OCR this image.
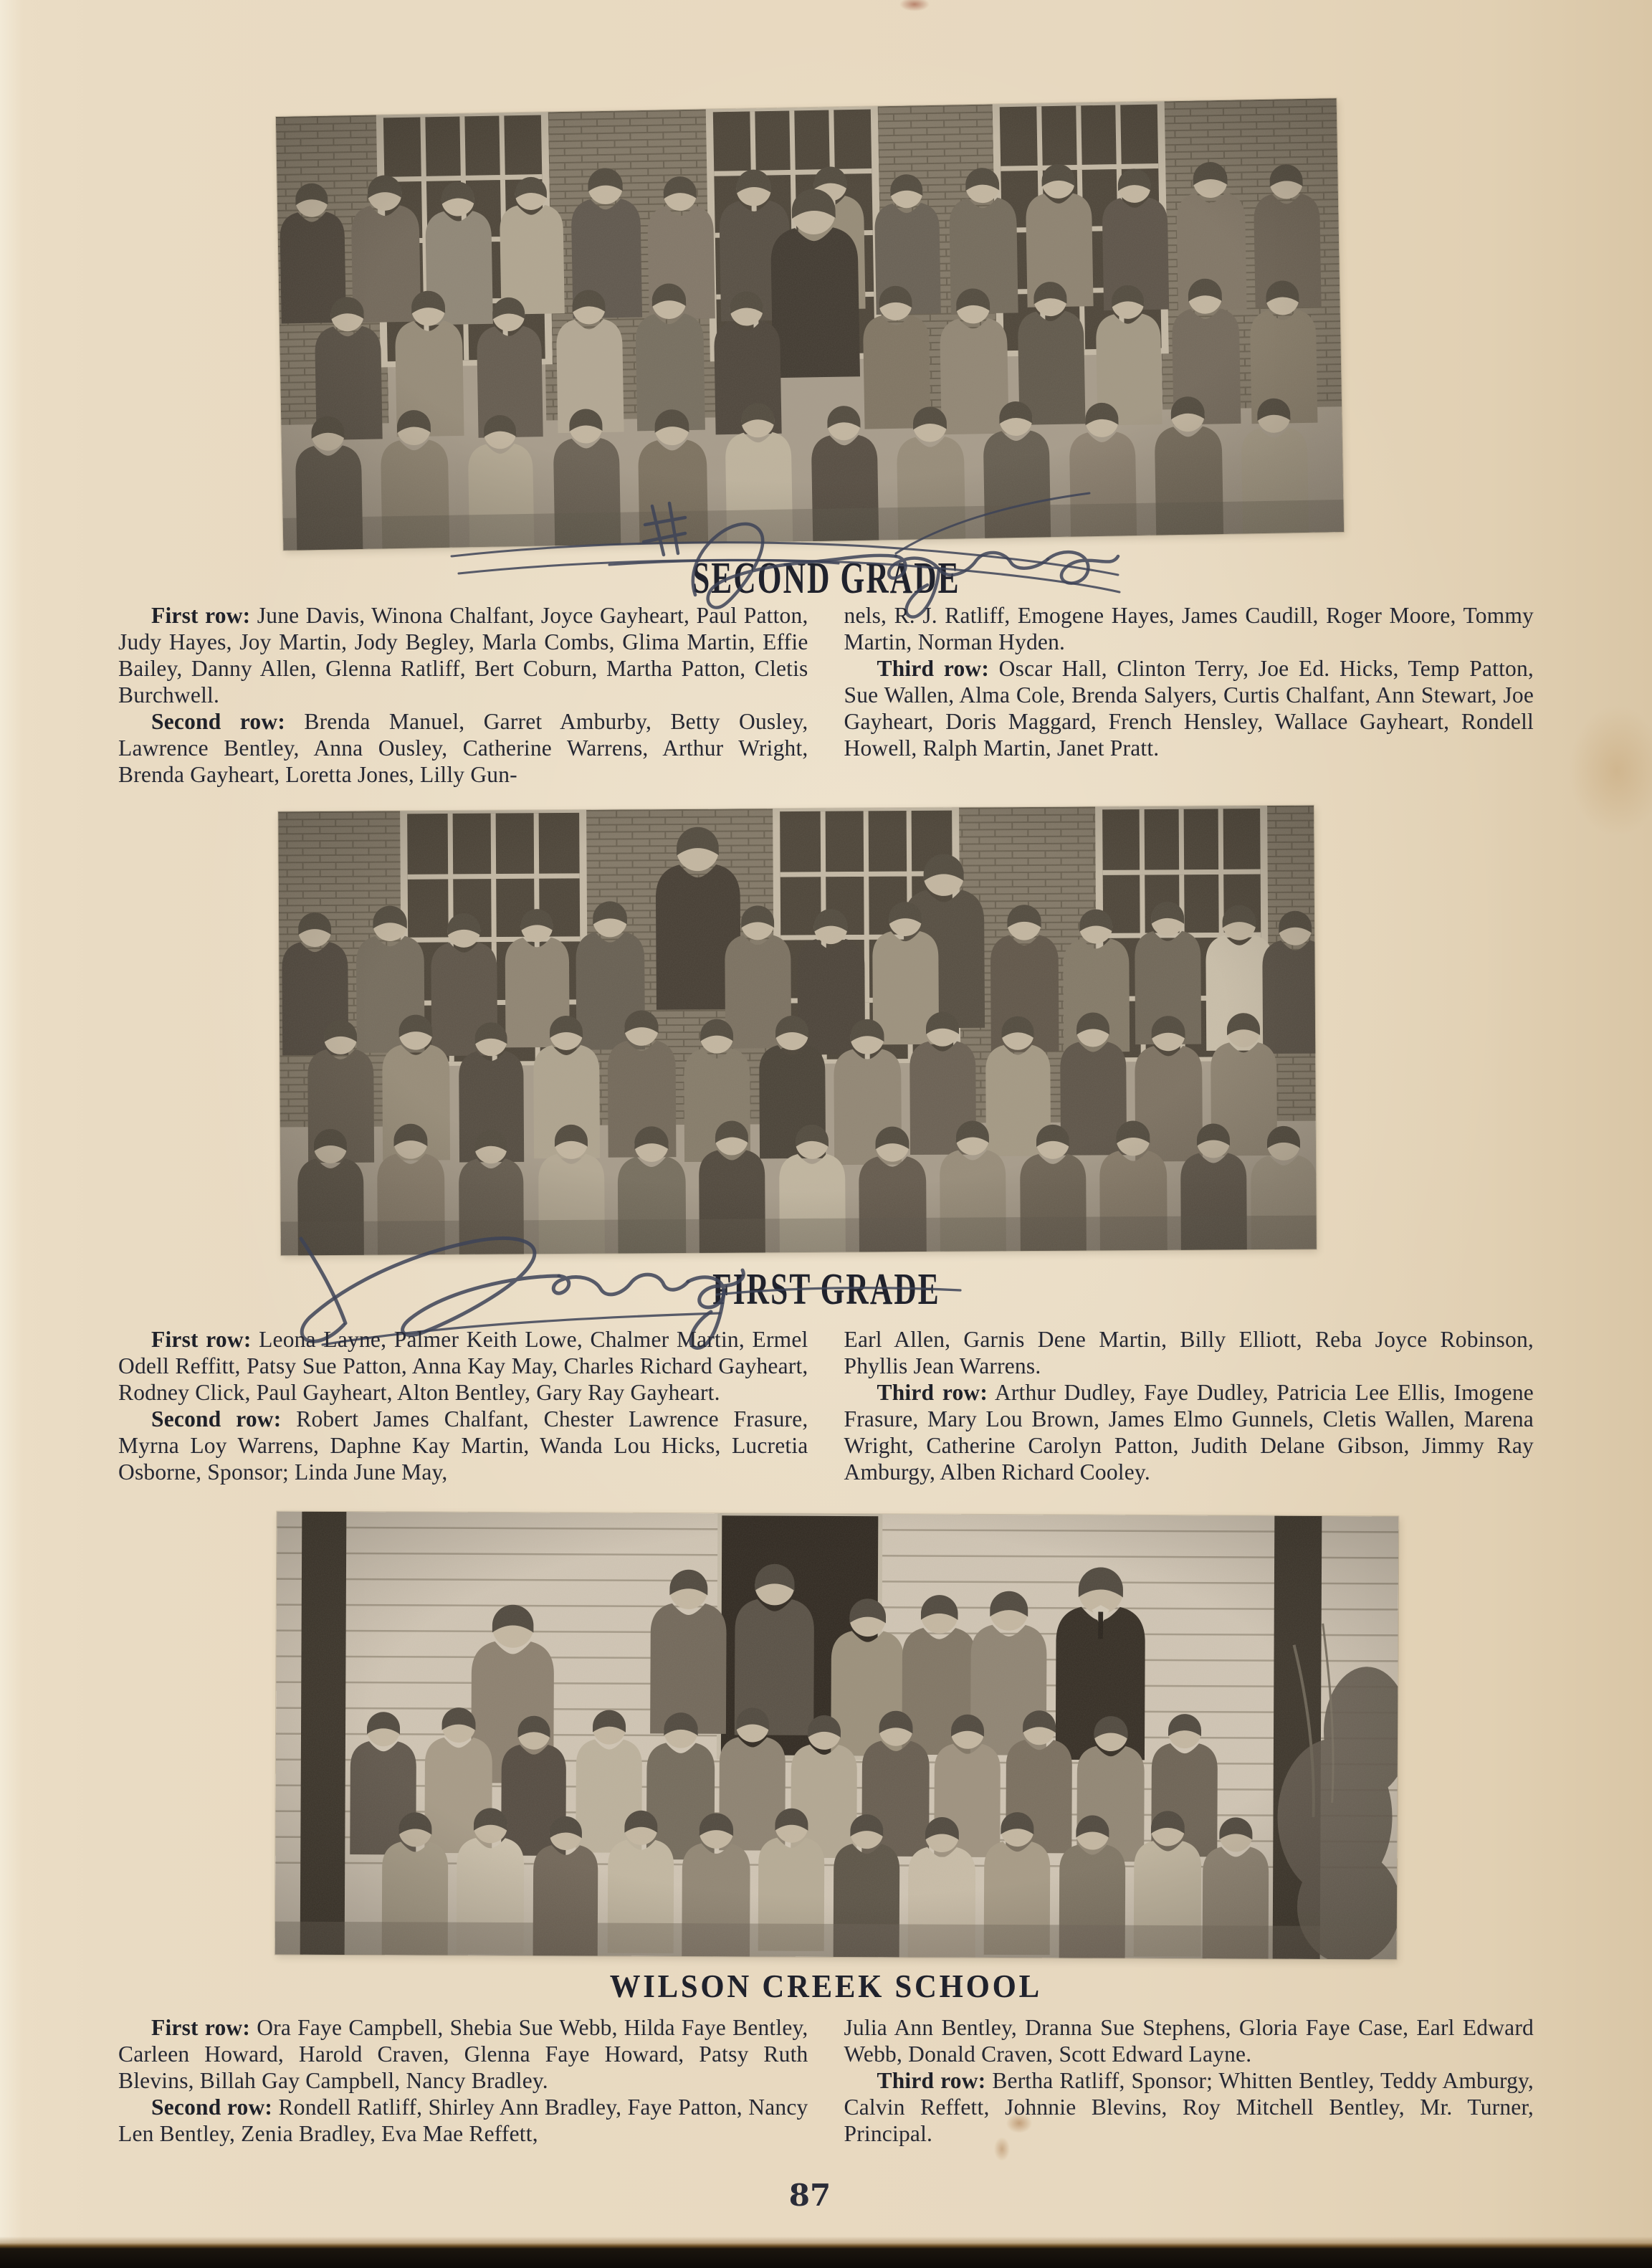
SECOND GRADE

First row: June Davis, Winona Chalfant, Joyce Gayheart, Paul Patton, Judy Hayes, Joy Martin, Jody Begley, Marla Combs, Glima Martin, Effie Bailey, Danny Allen, Glenna Ratliff, Bert Coburn, Martha Patton, Cletis Burchwell.

Second row: Brenda Manuel, Garret Amburby, Betty Ousley, Lawrence Bentley, Anna Ousley, Catherine Warrens, Arthur Wright, Brenda Gayheart, Loretta Jones, Lilly Gun-

nels, R. J. Ratliff, Emogene Hayes, James Caudill, Roger Moore, Tommy Martin, Norman Hyden.

Third row: Oscar Hall, Clinton Terry, Joe Ed. Hicks, Temp Patton, Sue Wallen, Alma Cole, Brenda Salyers, Curtis Chalfant, Ann Stewart, Joe Gayheart, Doris Maggard, French Hensley, Wallace Gayheart, Rondell Howell, Ralph Martin, Janet Pratt.

FIRST GRADE

First row: Leona Layne, Palmer Keith Lowe, Chalmer Martin, Ermel Odell Reffitt, Patsy Sue Patton, Anna Kay May, Charles Richard Gayheart, Rodney Click, Paul Gayheart, Alton Bentley, Gary Ray Gayheart.

Second row: Robert James Chalfant, Chester Lawrence Frasure, Myrna Loy Warrens, Daphne Kay Martin, Wanda Lou Hicks, Lucretia Osborne, Sponsor; Linda June May,

Earl Allen, Garnis Dene Martin, Billy Elliott, Reba Joyce Robinson, Phyllis Jean Warrens.

Third row: Arthur Dudley, Faye Dudley, Patricia Lee Ellis, Imogene Frasure, Mary Lou Brown, James Elmo Gunnels, Cletis Wallen, Marena Wright, Catherine Carolyn Patton, Judith Delane Gibson, Jimmy Ray Amburgy, Alben Richard Cooley.

WILSON CREEK SCHOOL

First row: Ora Faye Campbell, Shebia Sue Webb, Hilda Faye Bentley, Carleen Howard, Harold Craven, Glenna Faye Howard, Patsy Ruth Blevins, Billah Gay Campbell, Nancy Bradley.

Second row: Rondell Ratliff, Shirley Ann Bradley, Faye Patton, Nancy Len Bentley, Zenia Bradley, Eva Mae Reffett,

Julia Ann Bentley, Dranna Sue Stephens, Gloria Faye Case, Earl Edward Webb, Donald Craven, Scott Edward Layne.

Third row: Bertha Ratliff, Sponsor; Whitten Bentley, Teddy Amburgy, Calvin Reffett, Johnnie Blevins, Roy Mitchell Bentley, Mr. Turner, Principal.

87
